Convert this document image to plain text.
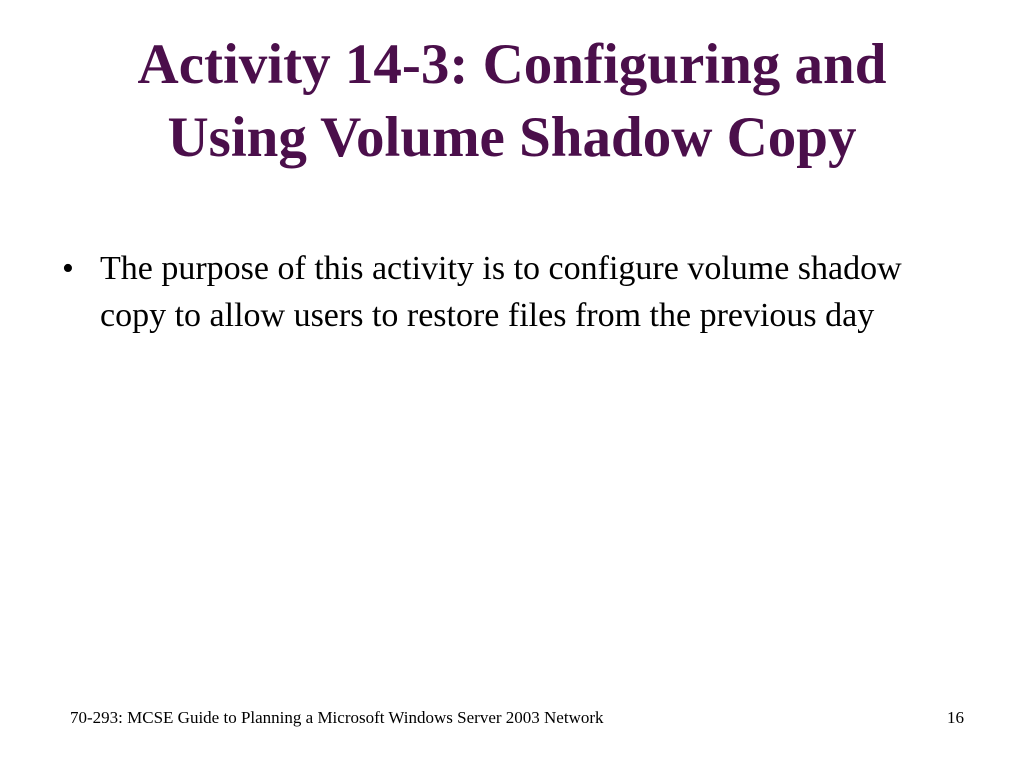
Activity 14-3: Configuring and
Using Volume Shadow Copy
• The purpose of this activity is to configure volume shadow copy to allow users to restore files from the previous day
70-293: MCSE Guide to Planning a Microsoft Windows Server 2003 Network	16
